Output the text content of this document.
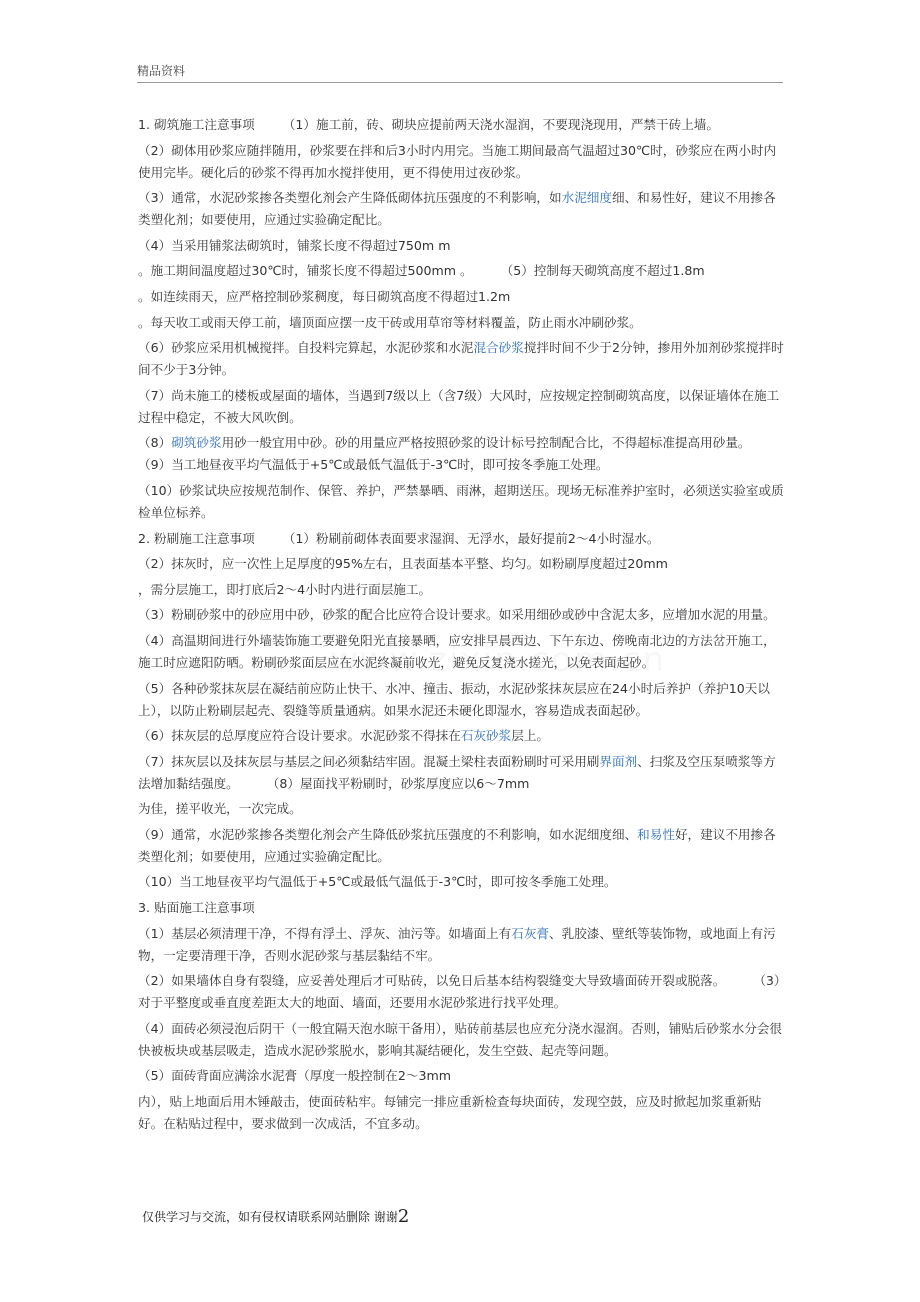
精品资料
1. 砌筑施工注意事项 （1）施工前，砖、砌块应提前两天浇水湿润，不要现浇现用，严禁干砖上墙。
（2）砌体用砂浆应随拌随用，砂浆要在拌和后3小时内用完。当施工期间最高气温超过30℃时，砂浆应在两小时内使用完毕。硬化后的砂浆不得再加水搅拌使用，更不得使用过夜砂浆。
（3）通常，水泥砂浆掺各类塑化剂会产生降低砌体抗压强度的不利影响，如水泥细度细、和易性好，建议不用掺各类塑化剂；如要使用，应通过实验确定配比。
（4）当采用铺浆法砌筑时，铺浆长度不得超过750m m
。施工期间温度超过30℃时，铺浆长度不得超过500mm 。 （5）控制每天砌筑高度不超过1.8m
。如连续雨天，应严格控制砂浆稠度，每日砌筑高度不得超过1.2m
。每天收工或雨天停工前，墙顶面应摆一皮干砖或用草帘等材料覆盖，防止雨水冲刷砂浆。
（6）砂浆应采用机械搅拌。自投料完算起，水泥砂浆和水泥混合砂浆搅拌时间不少于2分钟，掺用外加剂砂浆搅拌时间不少于3分钟。
（7）尚未施工的楼板或屋面的墙体，当遇到7级以上（含7级）大风时，应按规定控制砌筑高度，以保证墙体在施工过程中稳定，不被大风吹倒。
（8）砌筑砂浆用砂一般宜用中砂。砂的用量应严格按照砂浆的设计标号控制配合比，不得超标准提高用砂量。（9）当工地昼夜平均气温低于+5℃或最低气温低于-3℃时，即可按冬季施工处理。
（10）砂浆试块应按规范制作、保管、养护，严禁暴晒、雨淋，超期送压。现场无标准养护室时，必须送实验室或质检单位标养。
2. 粉刷施工注意事项 （1）粉刷前砌体表面要求湿润、无浮水，最好提前2～4小时湿水。
（2）抹灰时，应一次性上足厚度的95%左右，且表面基本平整、均匀。如粉刷厚度超过20mm
，需分层施工，即打底后2～4小时内进行面层施工。
（3）粉刷砂浆中的砂应用中砂，砂浆的配合比应符合设计要求。如采用细砂或砂中含泥太多，应增加水泥的用量。
（4）高温期间进行外墙装饰施工要避免阳光直接暴晒，应安排早晨西边、下午东边、傍晚南北边的方法岔开施工，施工时应遮阳防晒。粉刷砂浆面层应在水泥终凝前收光，避免反复浇水搓光，以免表面起砂。
（5）各种砂浆抹灰层在凝结前应防止快干、水冲、撞击、振动，水泥砂浆抹灰层应在24小时后养护（养护10天以上），以防止粉刷层起壳、裂缝等质量通病。如果水泥还未硬化即湿水，容易造成表面起砂。
（6）抹灰层的总厚度应符合设计要求。水泥砂浆不得抹在石灰砂浆层上。
（7）抹灰层以及抹灰层与基层之间必须黏结牢固。混凝土梁柱表面粉刷时可采用刷界面剂、扫浆及空压泵喷浆等方法增加黏结强度。 （8）屋面找平粉刷时，砂浆厚度应以6～7mm
为佳，搓平收光，一次完成。
（9）通常，水泥砂浆掺各类塑化剂会产生降低砂浆抗压强度的不利影响，如水泥细度细、和易性好，建议不用掺各类塑化剂；如要使用，应通过实验确定配比。
（10）当工地昼夜平均气温低于+5℃或最低气温低于-3℃时，即可按冬季施工处理。
3. 贴面施工注意事项
（1）基层必须清理干净，不得有浮土、浮灰、油污等。如墙面上有石灰膏、乳胶漆、壁纸等装饰物，或地面上有污物，一定要清理干净，否则水泥砂浆与基层黏结不牢。
（2）如果墙体自身有裂缝，应妥善处理后才可贴砖，以免日后基本结构裂缝变大导致墙面砖开裂或脱落。 （3）对于平整度或垂直度差距太大的地面、墙面，还要用水泥砂浆进行找平处理。
（4）面砖必须浸泡后阴干（一般宜隔天泡水晾干备用），贴砖前基层也应充分浇水湿润。否则，铺贴后砂浆水分会很快被板块或基层吸走，造成水泥砂浆脱水，影响其凝结硬化，发生空鼓、起壳等问题。
（5）面砖背面应满涂水泥膏（厚度一般控制在2～3mm
内），贴上地面后用木锤敲击，使面砖粘牢。每铺完一排应重新检查每块面砖，发现空鼓，应及时掀起加浆重新贴好。在粘贴过程中，要求做到一次成活，不宜多动。
仅供学习与交流，如有侵权请联系网站删除 谢谢2
